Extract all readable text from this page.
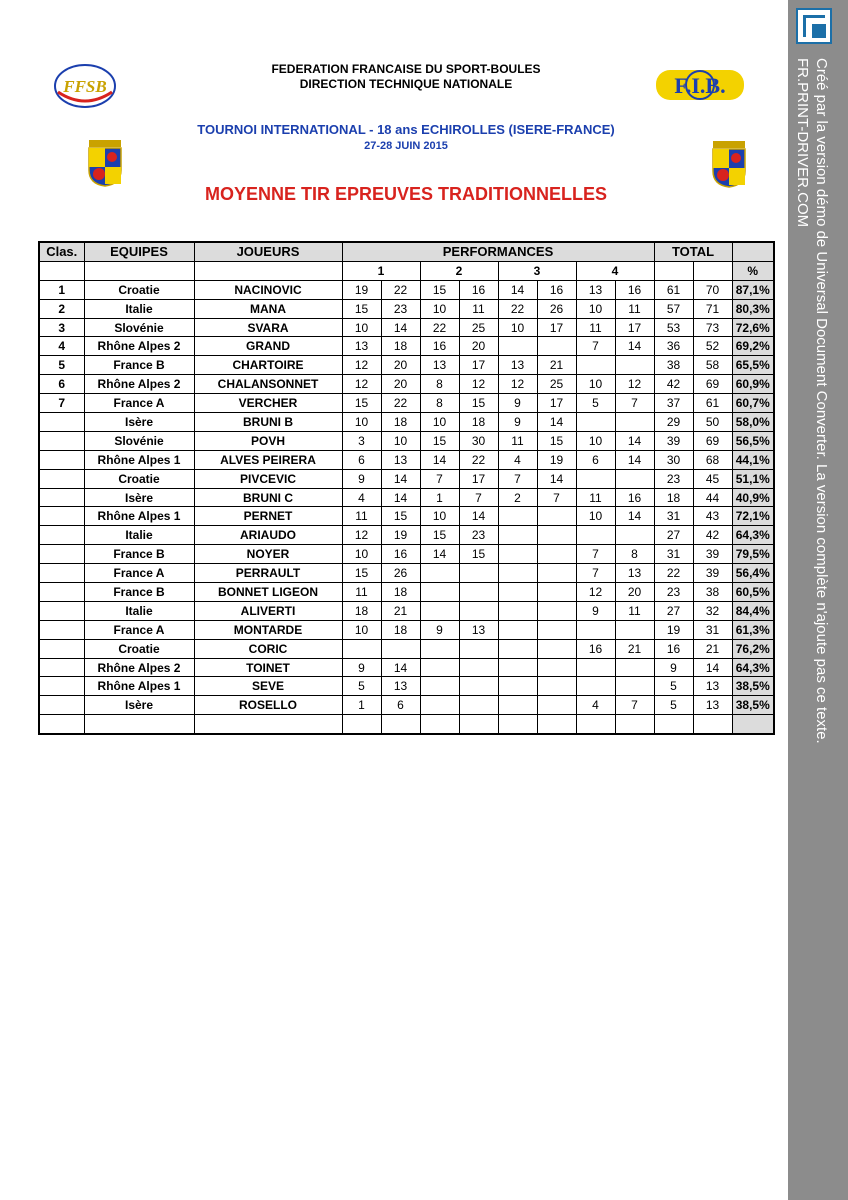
FEDERATION FRANCAISE DU SPORT-BOULES
DIRECTION TECHNIQUE NATIONALE
TOURNOI INTERNATIONAL - 18 ans ECHIROLLES (ISERE-FRANCE)
27-28 JUIN 2015
MOYENNE TIR EPREUVES TRADITIONNELLES
FFSB	F.I.B.
Clas.	EQUIPES	JOUEURS	PERFORMANCES								TOTAL		
			1		2		3		4				%
1	Croatie	NACINOVIC	19	22	15	16	14	16	13	16	61	70	87,1%
2	Italie	MANA	15	23	10	11	22	26	10	11	57	71	80,3%
3	Slovénie	SVARA	10	14	22	25	10	17	11	17	53	73	72,6%
4	Rhône Alpes 2	GRAND	13	18	16	20			7	14	36	52	69,2%
5	France B	CHARTOIRE	12	20	13	17	13	21			38	58	65,5%
6	Rhône Alpes 2	CHALANSONNET	12	20	8	12	12	25	10	12	42	69	60,9%
7	France A	VERCHER	15	22	8	15	9	17	5	7	37	61	60,7%
	Isère	BRUNI B	10	18	10	18	9	14			29	50	58,0%
	Slovénie	POVH	3	10	15	30	11	15	10	14	39	69	56,5%
	Rhône Alpes 1	ALVES PEIRERA	6	13	14	22	4	19	6	14	30	68	44,1%
	Croatie	PIVCEVIC	9	14	7	17	7	14			23	45	51,1%
	Isère	BRUNI C	4	14	1	7	2	7	11	16	18	44	40,9%
	Rhône Alpes 1	PERNET	11	15	10	14			10	14	31	43	72,1%
	Italie	ARIAUDO	12	19	15	23					27	42	64,3%
	France B	NOYER	10	16	14	15			7	8	31	39	79,5%
	France A	PERRAULT	15	26					7	13	22	39	56,4%
	France B	BONNET LIGEON	11	18					12	20	23	38	60,5%
	Italie	ALIVERTI	18	21					9	11	27	32	84,4%
	France A	MONTARDE	10	18	9	13					19	31	61,3%
	Croatie	CORIC							16	21	16	21	76,2%
	Rhône Alpes 2	TOINET	9	14							9	14	64,3%
	Rhône Alpes 1	SEVE	5	13							5	13	38,5%
	Isère	ROSELLO	1	6					4	7	5	13	38,5%
														Créé par la version démo de Universal Document Converter. La version complète n'ajoute pas ce texte.
FR.PRINT-DRIVER.COM
